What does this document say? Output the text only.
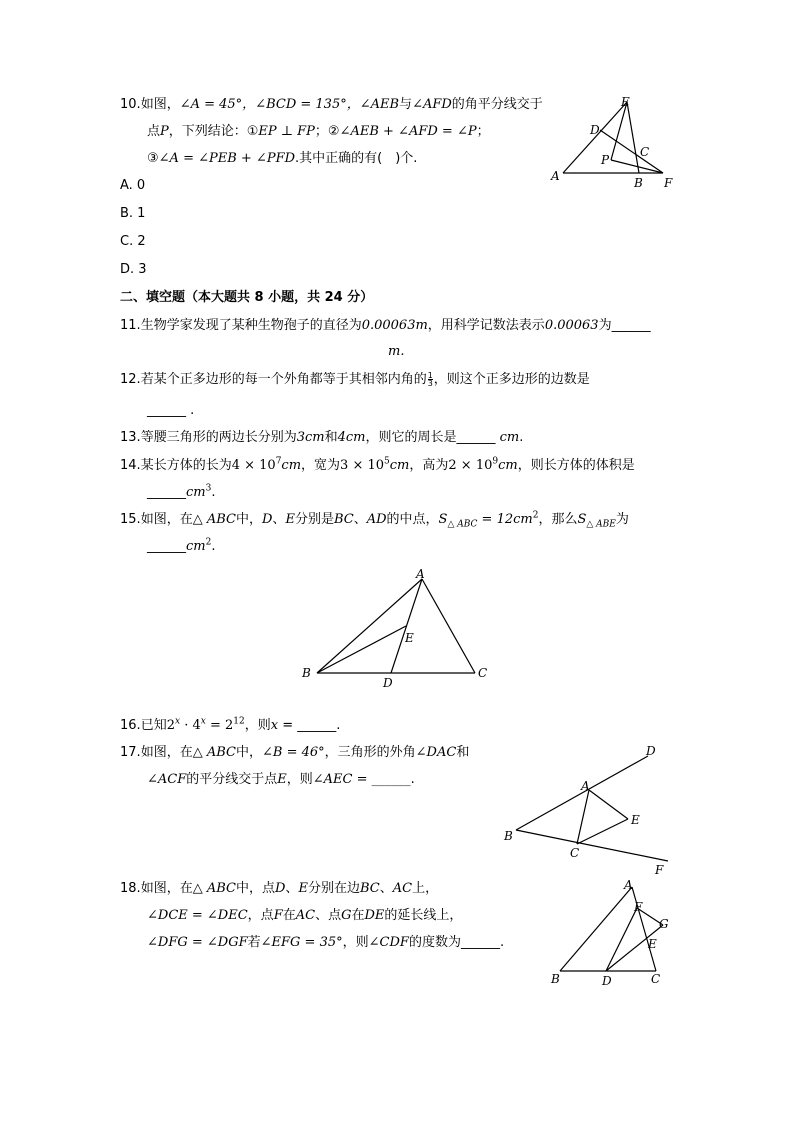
10.如图，∠A = 45°，∠BCD = 135°，∠AEB与∠AFD的角平分线交于
点P，下列结论：①EP ⊥ FP；②∠AEB + ∠AFD = ∠P；
③∠A = ∠PEB + ∠PFD.其中正确的有(　)个.
A. 0
B. 1
C. 2
D. 3
E
D
C
P
A	B F
二、填空题（本大题共 8 小题，共 24 分）
11.生物学家发现了某种生物孢子的直径为0.00063m，用科学记数法表示0.00063为______
m.
12.若某个正多边形的每一个外角都等于其相邻内角的 $\frac{1}{3}$ ，则这个正多边形的边数是
______ .
13.等腰三角形的两边长分别为3cm和4cm，则它的周长是______ cm.
14.某长方体的长为$4 \times 10^7cm$，宽为$3 \times 10^5cm$，高为$2 \times 10^9cm$，则长方体的体积是
$\_\_\_\_\_\_cm^3$.
15.如图，在△ ABC中，D、E分别是BC、AD的中点，$S_{\triangle ABC} = 12cm^2$，那么$S_{\triangle ABE}$为
$\_\_\_\_\_\_cm^2$.
A
B	C
D
E
16.已知$2^x \cdot 4^x = 2^{12}$，则x = ______.
17.如图，在△ ABC中，∠B = 46°，三角形的外角∠DAC和
∠ACF的平分线交于点E，则∠AEC = ______.
D
A
E
B
C
F
18.如图，在△ ABC中，点D、E分别在边BC、AC上，
∠DCE = ∠DEC，点F在AC、点G在DE的延长线上，
∠DFG = ∠DGF若∠EFG = 35°，则∠CDF的度数为______.
A
F
G
E
B	D	C
